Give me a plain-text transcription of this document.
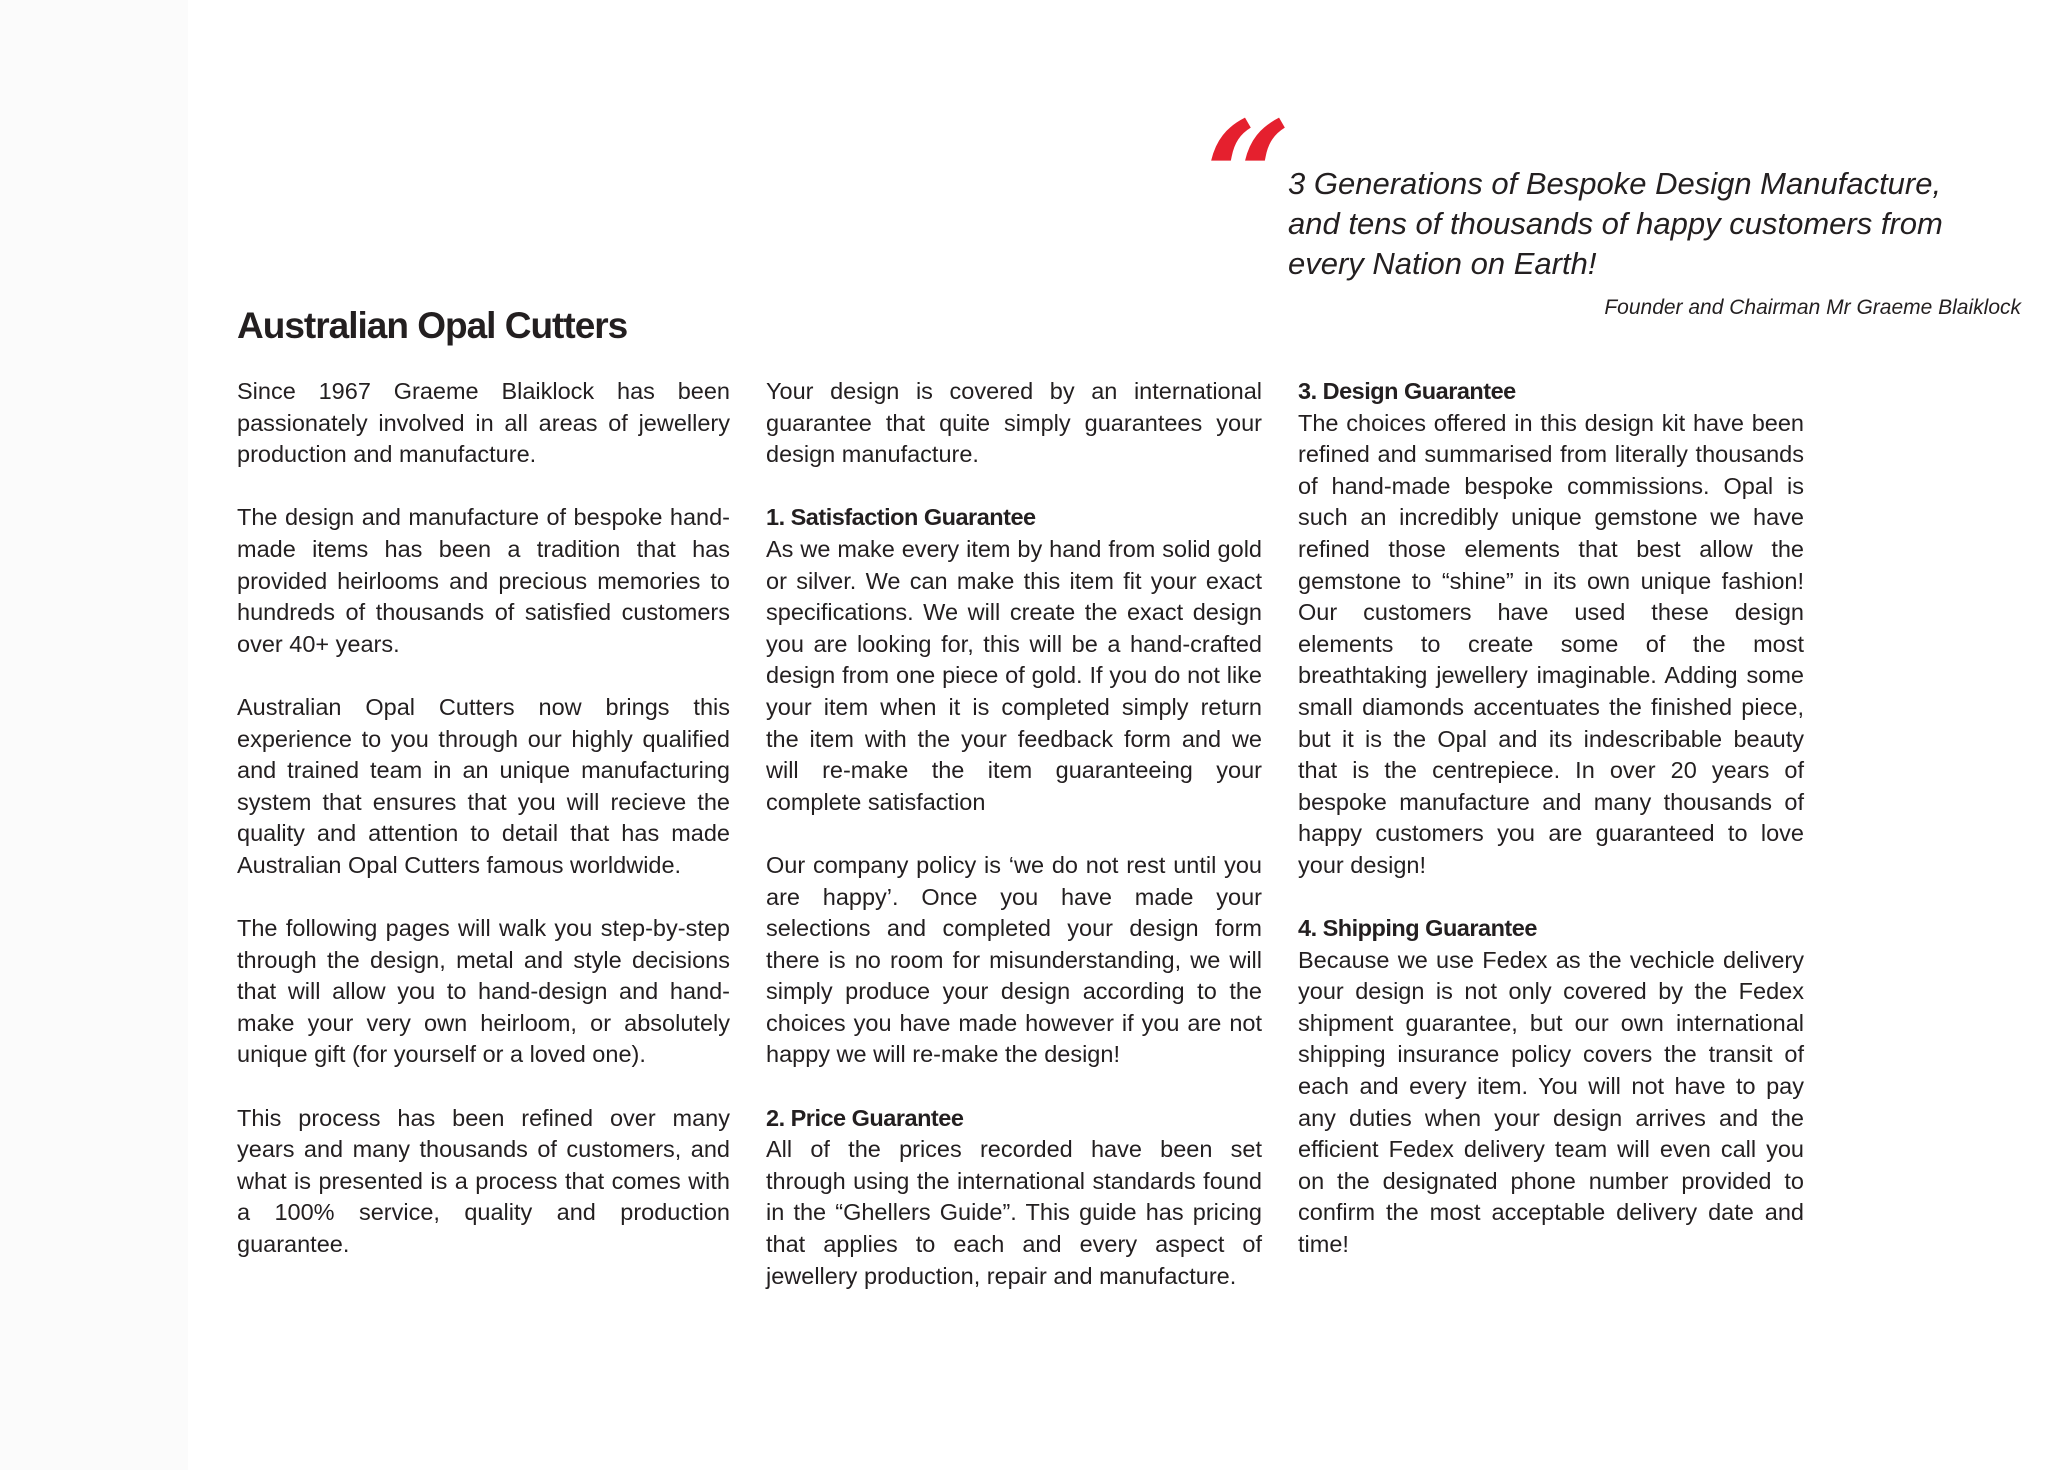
“
3 Generations of Bespoke Design Manufacture,
and tens of thousands of happy customers from
every Nation on Earth!
Founder and Chairman Mr Graeme Blaiklock
Australian Opal Cutters

Since 1967 Graeme Blaiklock has been passionately involved in all areas of jewellery production and manufacture.

The design and manufacture of bespoke hand-made items has been a tradition that has provided heirlooms and precious memories to hundreds of thousands of satisfied customers over 40+ years.

Australian Opal Cutters now brings this experience to you through our highly qualified and trained team in an unique manufacturing system that ensures that you will recieve the quality and attention to detail that has made Australian Opal Cutters famous worldwide.

The following pages will walk you step-by-step through the design, metal and style decisions that will allow you to hand-design and hand-make your very own heirloom, or absolutely unique gift (for yourself or a loved one).

This process has been refined over many years and many thousands of customers, and what is presented is a process that comes with a 100% service, quality and production guarantee.

Your design is covered by an international guarantee that quite simply guarantees your design manufacture.

1. Satisfaction Guarantee

As we make every item by hand from solid gold or silver. We can make this item fit your exact specifications. We will create the exact design you are looking for, this will be a hand-crafted design from one piece of gold. If you do not like your item when it is completed simply return the item with the your feedback form and we will re-make the item guaranteeing your complete satisfaction

Our company policy is ‘we do not rest until you are happy’. Once you have made your selections and completed your design form there is no room for misunderstanding, we will simply produce your design according to the choices you have made however if you are not happy we will re-make the design!

2. Price Guarantee

All of the prices recorded have been set through using the international standards found in the “Ghellers Guide”. This guide has pricing that applies to each and every aspect of jewellery production, repair and manufacture.

3. Design Guarantee

The choices offered in this design kit have been refined and summarised from literally thousands of hand-made bespoke commissions. Opal is such an incredibly unique gemstone we have refined those elements that best allow the gemstone to “shine” in its own unique fashion! Our customers have used these design elements to create some of the most breathtaking jewellery imaginable. Adding some small diamonds accentuates the finished piece, but it is the Opal and its indescribable beauty that is the centrepiece. In over 20 years of bespoke manufacture and many thousands of happy customers you are guaranteed to love your design!

4. Shipping Guarantee

Because we use Fedex as the vechicle delivery your design is not only covered by the Fedex shipment guarantee, but our own international shipping insurance policy covers the transit of each and every item. You will not have to pay any duties when your design arrives and the efficient Fedex delivery team will even call you on the designated phone number provided to confirm the most acceptable delivery date and time!
